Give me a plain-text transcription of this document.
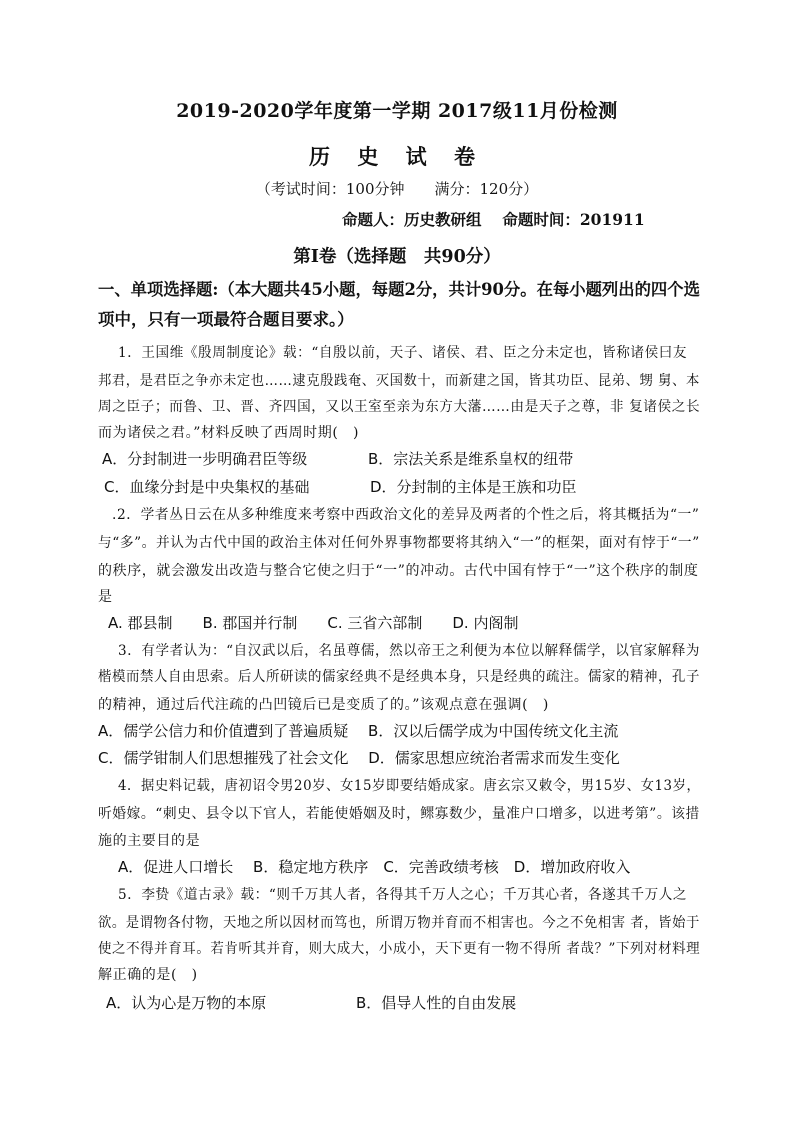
2019-2020学年度第一学期 2017级11月份检测
历 史 试 卷
（考试时间：100分钟　　满分：120分）
命题人：历史教研组　 命题时间：201911
第Ⅰ卷（选择题　共90分）
一、单项选择题:（本大题共45小题，每题2分，共计90分。在每小题列出的四个选
项中，只有一项最符合题目要求。）
1．王国维《殷周制度论》载：“自殷以前，天子、诸侯、君、臣之分未定也，皆称诸侯曰友
邦君，是君臣之争亦未定也……逮克殷践奄、灭国数十，而新建之国，皆其功臣、昆弟、甥 舅、本
周之臣子；而鲁、卫、晋、齐四国，又以王室至亲为东方大藩……由是天子之尊，非 复诸侯之长
而为诸侯之君。”材料反映了西周时期(　)
A．分封制进一步明确君臣等级	B．宗法关系是维系皇权的纽带
C．血缘分封是中央集权的基础	D．分封制的主体是王族和功臣
.2．学者丛日云在从多种维度来考察中西政治文化的差异及两者的个性之后，将其概括为“一”
与“多”。并认为古代中国的政治主体对任何外界事物都要将其纳入“一”的框架，面对有悖于“一”
的秩序，就会激发出改造与整合它使之归于“一”的冲动。古代中国有悖于“一”这个秩序的制度
是
A. 郡县制　　B. 郡国并行制　　C. 三省六部制　　D. 内阁制
3．有学者认为：“自汉武以后，名虽尊儒，然以帝王之利便为本位以解释儒学，以官家解释为
楷模而禁人自由思索。后人所研读的儒家经典不是经典本身，只是经典的疏注。儒家的精神，孔子
的精神，通过后代注疏的凸凹镜后已是变质了的。”该观点意在强调(　)
A．儒学公信力和价值遭到了普遍质疑　 B．汉以后儒学成为中国传统文化主流
C．儒学钳制人们思想摧残了社会文化　 D．儒家思想应统治者需求而发生变化
4．据史料记载，唐初诏令男20岁、女15岁即要结婚成家。唐玄宗又敕令，男15岁、女13岁，
听婚嫁。“刺史、县令以下官人，若能使婚姻及时，鳏寡数少，量准户口增多，以进考第”。该措
施的主要目的是
A．促进人口增长　 B．稳定地方秩序　C．完善政绩考核　D．增加政府收入
5．李贽《道古录》载：“则千万其人者，各得其千万人之心；千万其心者，各遂其千万人之
欲。是谓物各付物，天地之所以因材而笃也，所谓万物并育而不相害也。今之不免相害 者，皆始于
使之不得并育耳。若肯听其并育，则大成大，小成小，天下更有一物不得所 者哉？”下列对材料理
解正确的是(　)
A．认为心是万物的本原	B．倡导人性的自由发展
